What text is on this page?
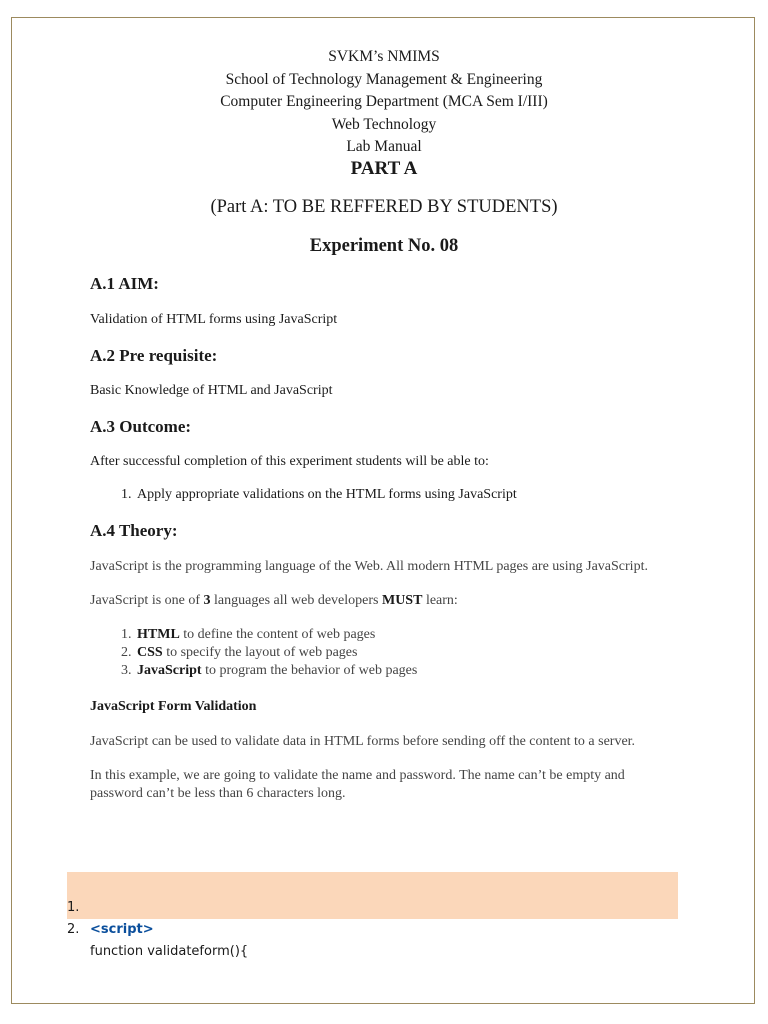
SVKM’s NMIMS
School of Technology Management & Engineering
Computer Engineering Department (MCA Sem I/III)
Web Technology
Lab Manual
PART A
(Part A: TO BE REFFERED BY STUDENTS)
Experiment No. 08
A.1 AIM:

Validation of HTML forms using JavaScript

A.2 Pre requisite:

Basic Knowledge of HTML and JavaScript

A.3 Outcome:

After successful completion of this experiment students will be able to:

1. Apply appropriate validations on the HTML forms using JavaScript
A.4 Theory:

JavaScript is the programming language of the Web. All modern HTML pages are using JavaScript.

JavaScript is one of 3 languages all web developers MUST learn:

1. HTML to define the content of web pages
2. CSS to specify the layout of web pages
3. JavaScript to program the behavior of web pages
JavaScript Form Validation

JavaScript can be used to validate data in HTML forms before sending off the content to a server.

In this example, we are going to validate the name and password. The name can’t be empty and password can’t be less than 6 characters long.

1.

<script>

2.

function validateform(){
